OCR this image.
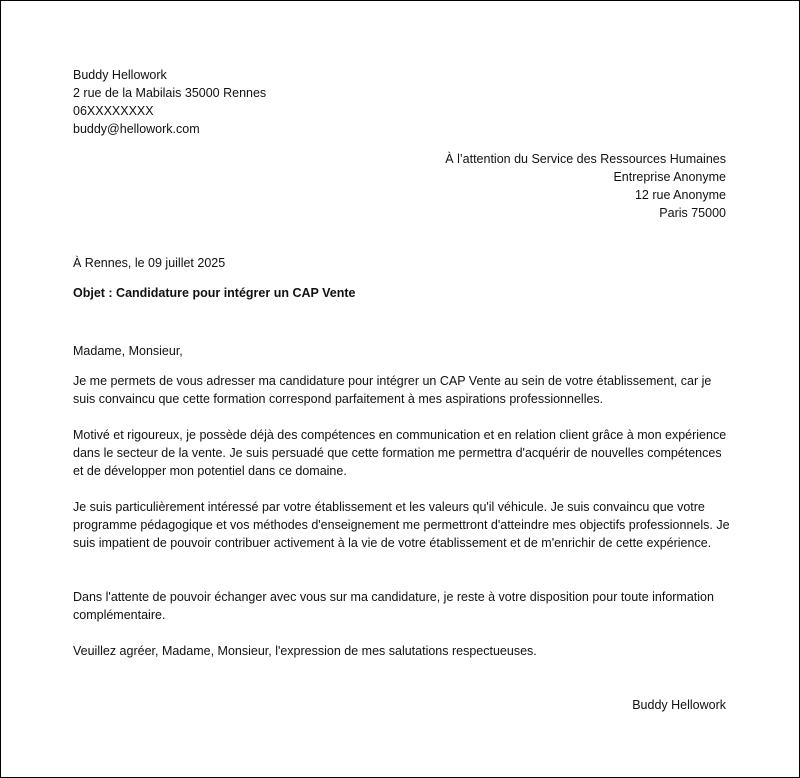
Buddy Hellowork
2 rue de la Mabilais 35000 Rennes
06XXXXXXXX
buddy@hellowork.com
À l’attention du Service des Ressources Humaines
Entreprise Anonyme
12 rue Anonyme
Paris 75000
À Rennes, le 09 juillet 2025
Objet : Candidature pour intégrer un CAP Vente
Madame, Monsieur,
Je me permets de vous adresser ma candidature pour intégrer un CAP Vente au sein de votre établissement, car je suis convaincu que cette formation correspond parfaitement à mes aspirations professionnelles.
Motivé et rigoureux, je possède déjà des compétences en communication et en relation client grâce à mon expérience dans le secteur de la vente. Je suis persuadé que cette formation me permettra d'acquérir de nouvelles compétences et de développer mon potentiel dans ce domaine.
Je suis particulièrement intéressé par votre établissement et les valeurs qu'il véhicule. Je suis convaincu que votre programme pédagogique et vos méthodes d'enseignement me permettront d'atteindre mes objectifs professionnels. Je suis impatient de pouvoir contribuer activement à la vie de votre établissement et de m'enrichir de cette expérience.
Dans l'attente de pouvoir échanger avec vous sur ma candidature, je reste à votre disposition pour toute information complémentaire.
Veuillez agréer, Madame, Monsieur, l'expression de mes salutations respectueuses.
Buddy Hellowork
